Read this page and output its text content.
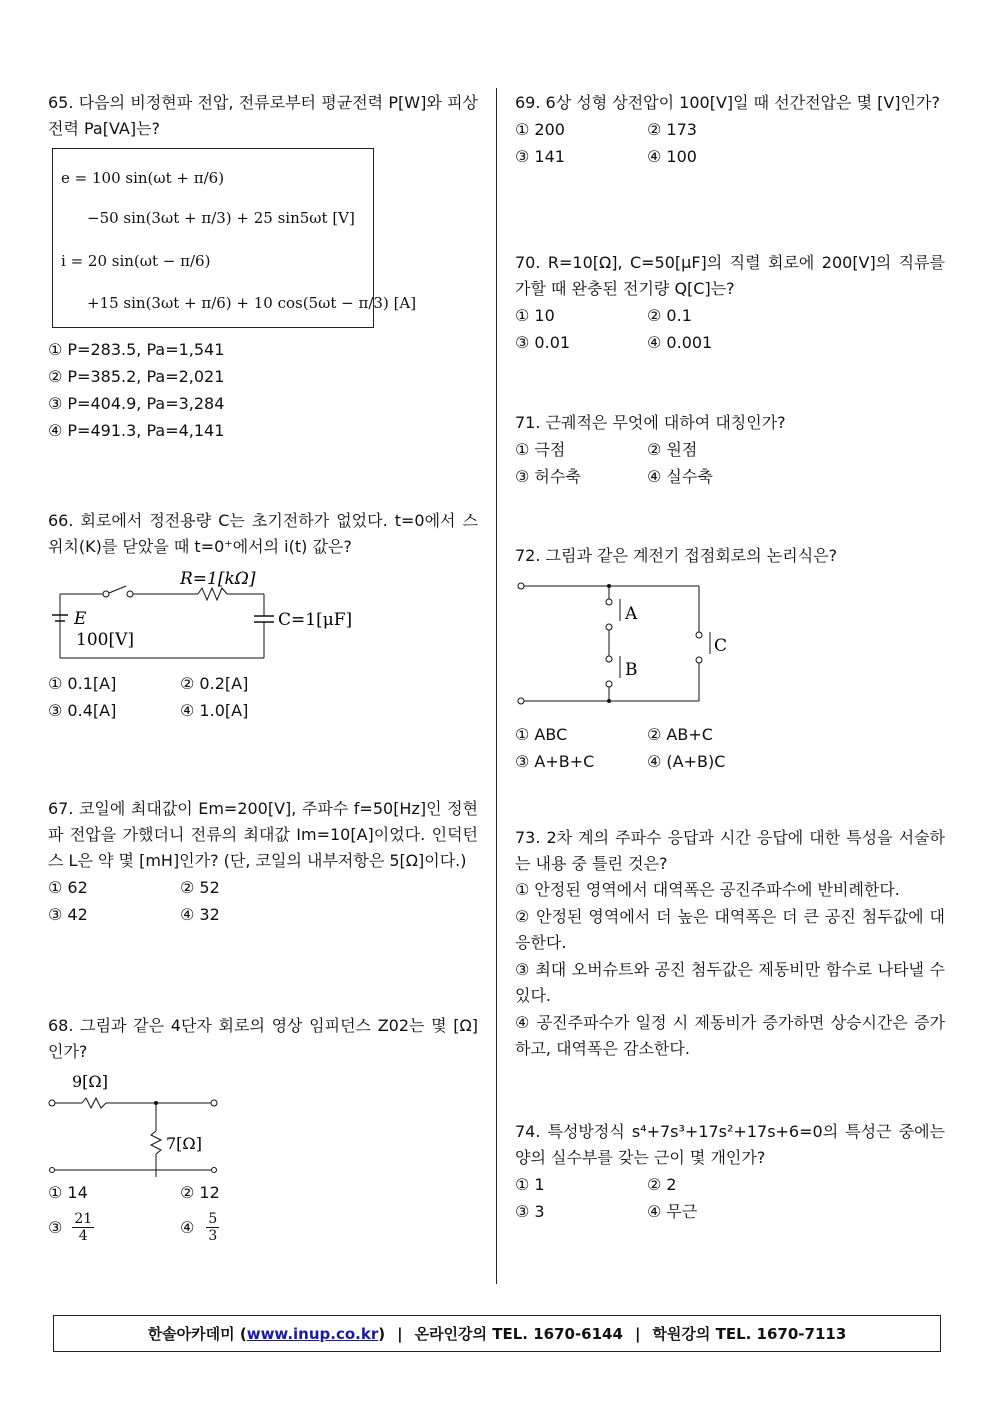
65. 다음의 비정현파 전압, 전류로부터 평균전력 P[W]와 피상전력 Pa[VA]는?

e = 100 sin(ωt + π/6)
−50 sin(3ωt + π/3) + 25 sin5ωt [V]
i = 20 sin(ωt − π/6)
+15 sin(3ωt + π/6) + 10 cos(5ωt − π/3) [A]
① P=283.5, Pa=1,541
② P=385.2, Pa=2,021
③ P=404.9, Pa=3,284
④ P=491.3, Pa=4,141

66. 회로에서 정전용량 C는 초기전하가 없었다. t=0에서 스위치(K)를 닫았을 때 t=0⁺에서의 i(t) 값은?

R=1[kΩ]
E
100[V]
C=1[μF]
① 0.1[A]	② 0.2[A]
③ 0.4[A]	④ 1.0[A]

67. 코일에 최대값이 Em=200[V], 주파수 f=50[Hz]인 정현파 전압을 가했더니 전류의 최대값 Im=10[A]이었다. 인덕턴스 L은 약 몇 [mH]인가? (단, 코일의 내부저항은 5[Ω]이다.)

① 62	② 52
③ 42	④ 32

68. 그림과 같은 4단자 회로의 영상 임피던스 Z02는 몇 [Ω]인가?

9[Ω]
7[Ω]
① 14	② 12
③ $\frac{21}{4}$	④ $\frac{5}{3}$

69. 6상 성형 상전압이 100[V]일 때 선간전압은 몇 [V]인가?

① 200	② 173
③ 141	④ 100

70. R=10[Ω], C=50[μF]의 직렬 회로에 200[V]의 직류를 가할 때 완충된 전기량 Q[C]는?

① 10	② 0.1
③ 0.01	④ 0.001

71. 근궤적은 무엇에 대하여 대칭인가?

① 극점	② 원점
③ 허수축	④ 실수축

72. 그림과 같은 계전기 접점회로의 논리식은?

A
B
C
① ABC	② AB+C
③ A+B+C	④ (A+B)C

73. 2차 계의 주파수 응답과 시간 응답에 대한 특성을 서술하는 내용 중 틀린 것은?

① 안정된 영역에서 대역폭은 공진주파수에 반비례한다.
② 안정된 영역에서 더 높은 대역폭은 더 큰 공진 첨두값에 대응한다.
③ 최대 오버슈트와 공진 첨두값은 제동비만 함수로 나타낼 수 있다.
④ 공진주파수가 일정 시 제동비가 증가하면 상승시간은 증가하고, 대역폭은 감소한다.

74. 특성방정식 s⁴+7s³+17s²+17s+6=0의 특성근 중에는 양의 실수부를 갖는 근이 몇 개인가?

① 1	② 2
③ 3	④ 무근
한솔아카데미 ( www.inup.co.kr ) | 온라인강의 TEL. 1670-6144 | 학원강의 TEL. 1670-7113
